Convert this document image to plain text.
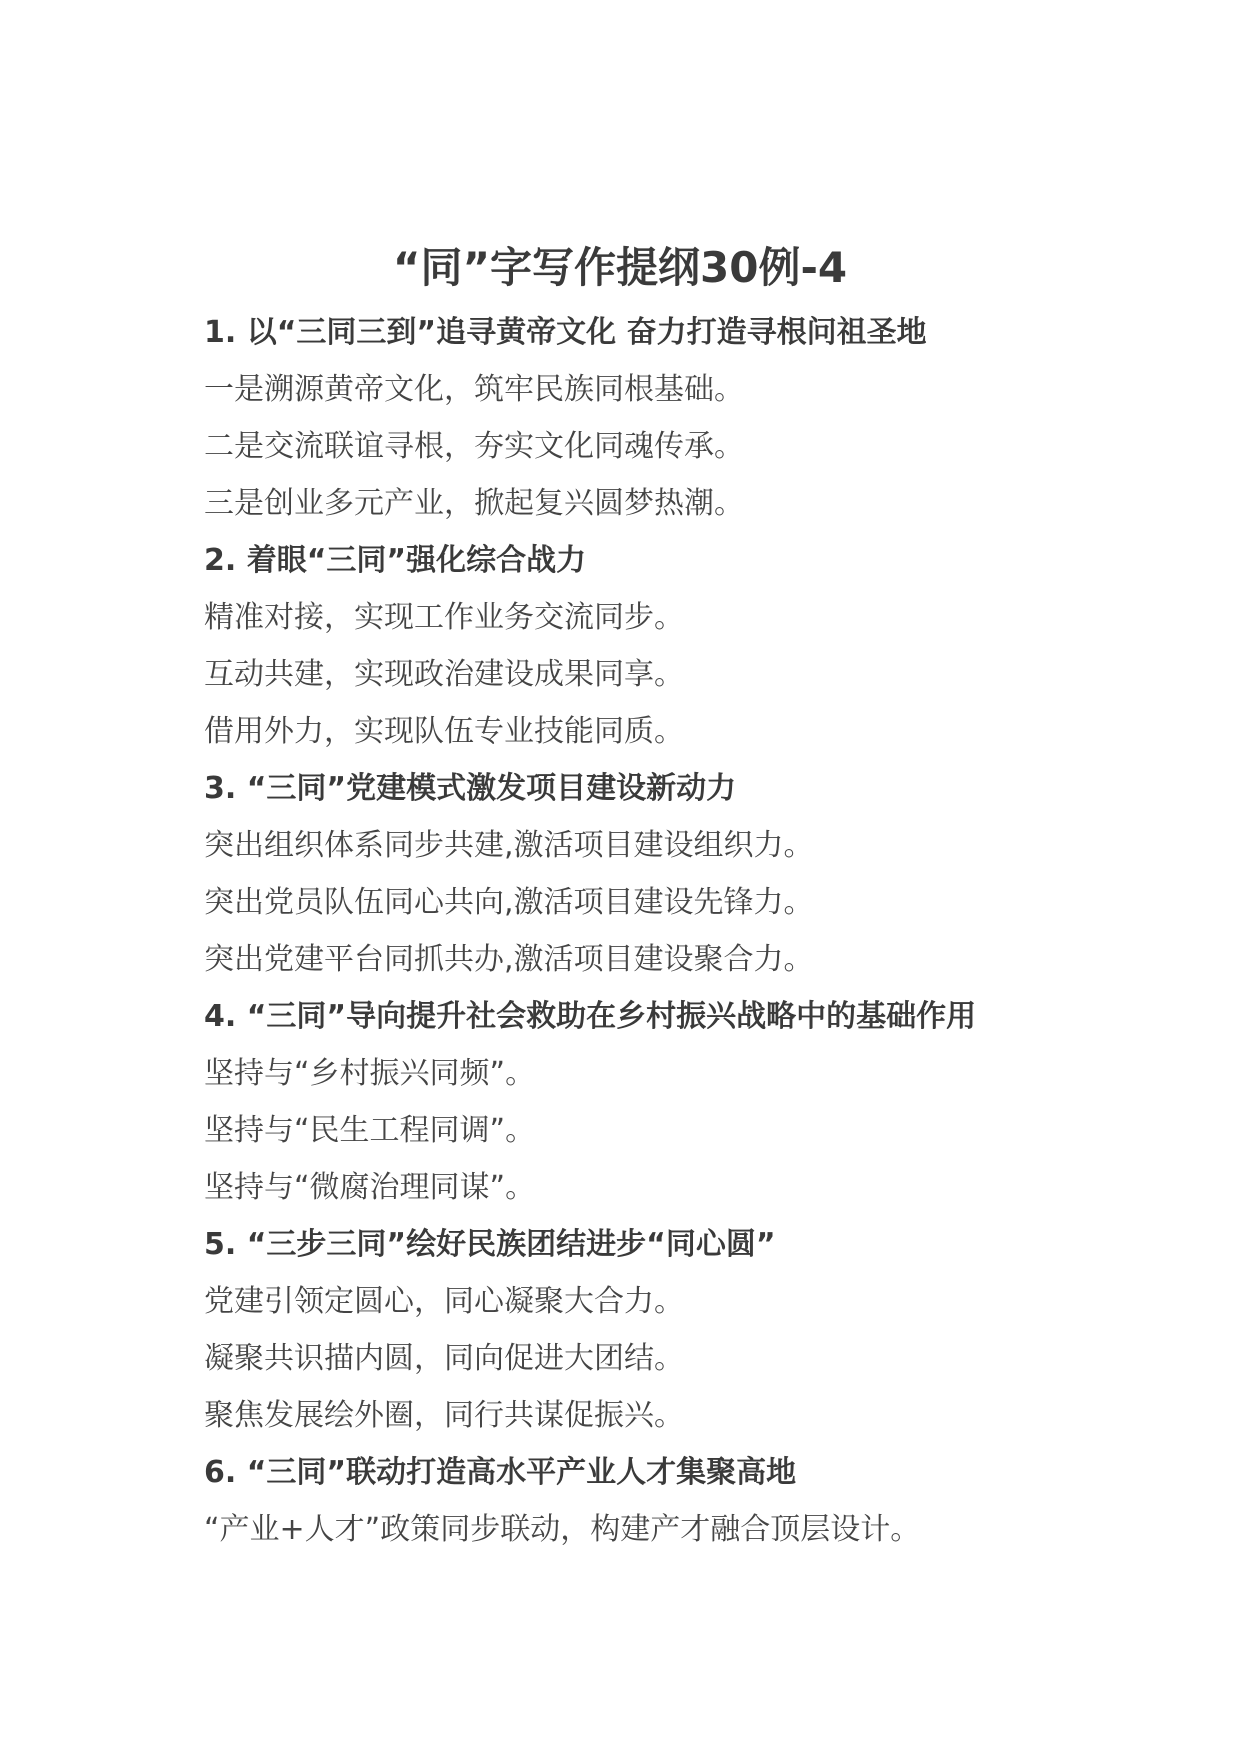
“同”字写作提纲30例-4

1. 以“三同三到”追寻黄帝文化 奋力打造寻根问祖圣地

一是溯源黄帝文化，筑牢民族同根基础。

二是交流联谊寻根，夯实文化同魂传承。

三是创业多元产业，掀起复兴圆梦热潮。

2. 着眼“三同”强化综合战力

精准对接，实现工作业务交流同步。

互动共建，实现政治建设成果同享。

借用外力，实现队伍专业技能同质。

3. “三同”党建模式激发项目建设新动力

突出组织体系同步共建,激活项目建设组织力。

突出党员队伍同心共向,激活项目建设先锋力。

突出党建平台同抓共办,激活项目建设聚合力。

4. “三同”导向提升社会救助在乡村振兴战略中的基础作用

坚持与“乡村振兴同频”。

坚持与“民生工程同调”。

坚持与“微腐治理同谋”。

5. “三步三同”绘好民族团结进步“同心圆”

党建引领定圆心，同心凝聚大合力。

凝聚共识描内圆，同向促进大团结。

聚焦发展绘外圈，同行共谋促振兴。

6. “三同”联动打造高水平产业人才集聚高地

“产业+人才”政策同步联动，构建产才融合顶层设计。
